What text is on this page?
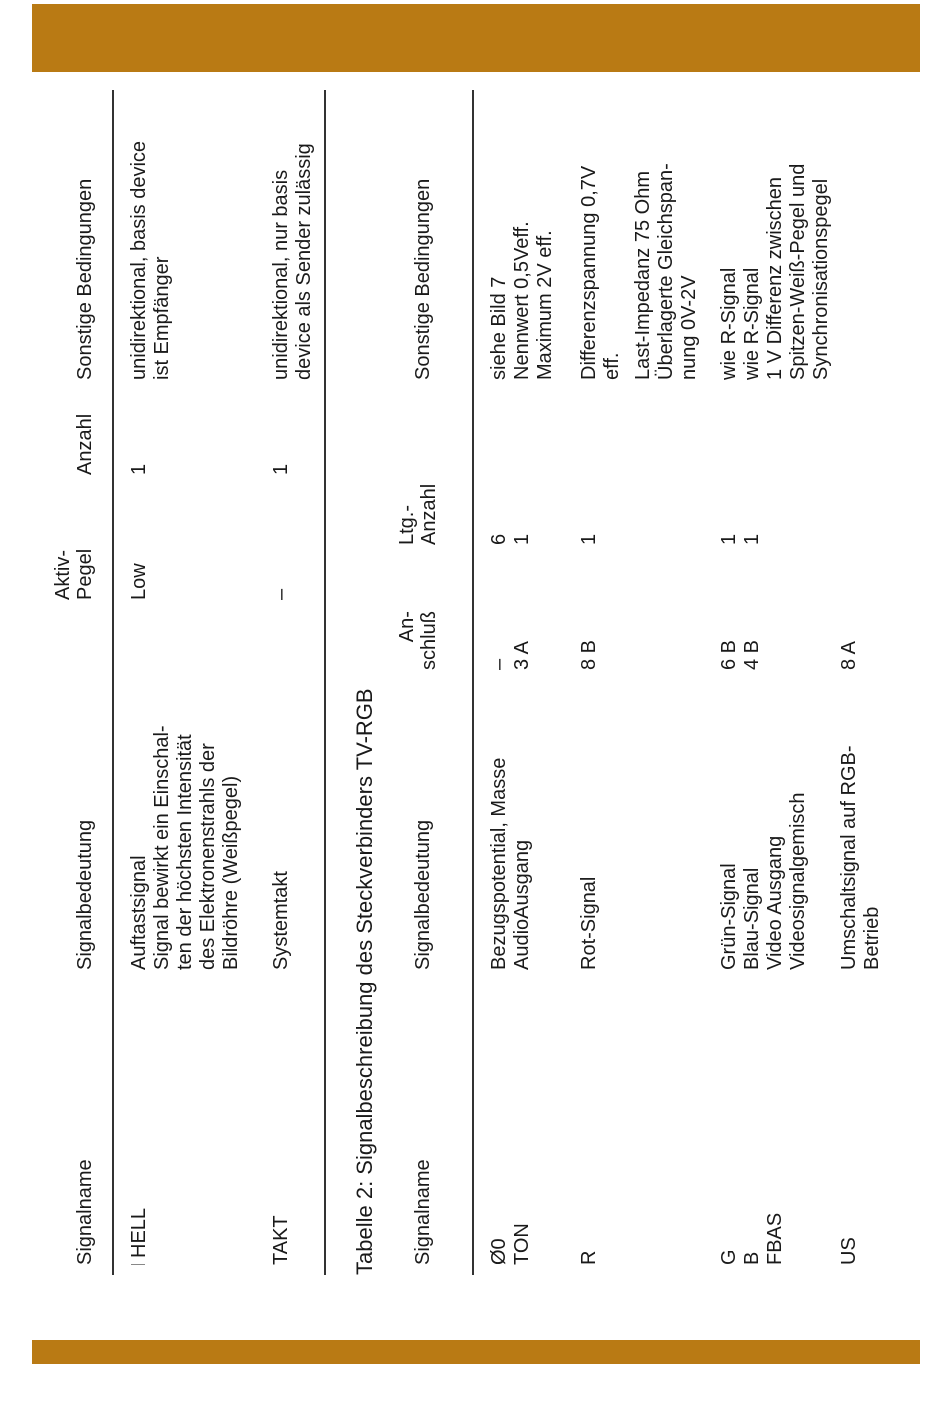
Signalname
Signalbedeutung
Aktiv- Pegel
Anzahl
Sonstige Bedingungen
HELL
Auftastsignal Signal bewirkt ein Einschal- ten der höchsten Intensität des Elektronenstrahls der Bildröhre (Weißpegel)
Low
1
unidirektional, basis device ist Empfänger
TAKT
Systemtakt
–
1
unidirektional, nur basis device als Sender zulässig
Tabelle 2: Signalbeschreibung des Steckverbinders TV-RGB Signalname
Signalbedeutung
An- schluß
Ltg.- Anzahl
Sonstige Bedingungen
Ø0 TON
Bezugspotential, Masse AudioAusgang
– 3 A
6 1
siehe Bild 7 Nennwert 0,5Veff. Maximum 2V eff.
R
Rot-Signal
8 B
1
Differenzspannung 0,7V eff. Last-Impedanz 75 Ohm Überlagerte Gleichspan- nung 0V-2V
G B FBAS
Grün-Signal Blau-Signal Video Ausgang Videosignalgemisch
6 B 4 B
1 1
wie R-Signal wie R-Signal 1 V Differenz zwischen Spitzen-Weiß-Pegel und Synchronisationspegel
US
Umschaltsignal auf RGB- Betrieb
8 A
